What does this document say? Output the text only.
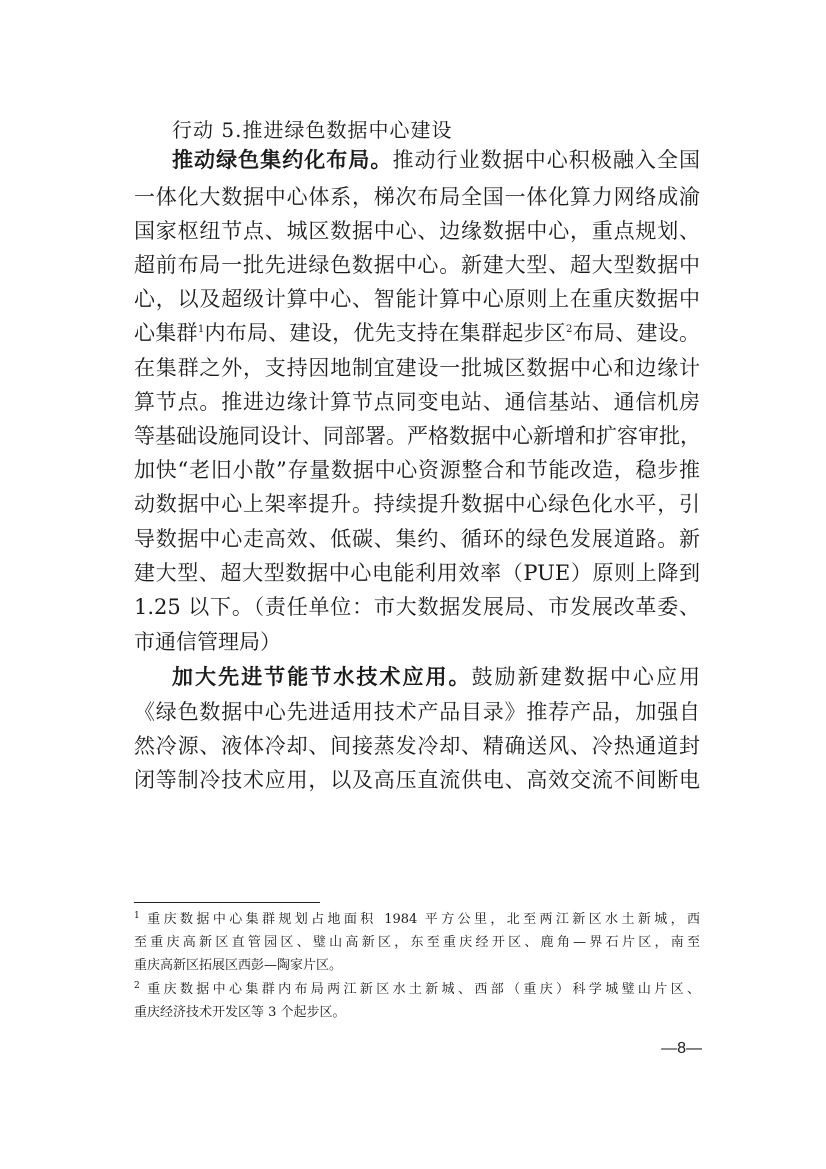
行动 5.推进绿色数据中心建设
推动绿色集约化布局。推动行业数据中心积极融入全国
一体化大数据中心体系，梯次布局全国一体化算力网络成渝
国家枢纽节点、城区数据中心、边缘数据中心，重点规划、
超前布局一批先进绿色数据中心。新建大型、超大型数据中
心，以及超级计算中心、智能计算中心原则上在重庆数据中
心集群$^1$内布局、建设，优先支持在集群起步区$^2$布局、建设。
在集群之外，支持因地制宜建设一批城区数据中心和边缘计
算节点。推进边缘计算节点同变电站、通信基站、通信机房
等基础设施同设计、同部署。严格数据中心新增和扩容审批，
加快“老旧小散”存量数据中心资源整合和节能改造，稳步推
动数据中心上架率提升。持续提升数据中心绿色化水平，引
导数据中心走高效、低碳、集约、循环的绿色发展道路。新
建大型、超大型数据中心电能利用效率（PUE）原则上降到
1.25 以下。（责任单位：市大数据发展局、市发展改革委、
市通信管理局）
加大先进节能节水技术应用。鼓励新建数据中心应用
《绿色数据中心先进适用技术产品目录》推荐产品，加强自
然冷源、液体冷却、间接蒸发冷却、精确送风、冷热通道封
闭等制冷技术应用，以及高压直流供电、高效交流不间断电
$^1$ 重庆数据中心集群规划占地面积 1984 平方公里，北至两江新区水土新城，西
至重庆高新区直管园区、璧山高新区，东至重庆经开区、鹿角—界石片区，南至
重庆高新区拓展区西彭—陶家片区。
$^2$ 重庆数据中心集群内布局两江新区水土新城、西部（重庆）科学城璧山片区、
重庆经济技术开发区等 3 个起步区。
—8—
